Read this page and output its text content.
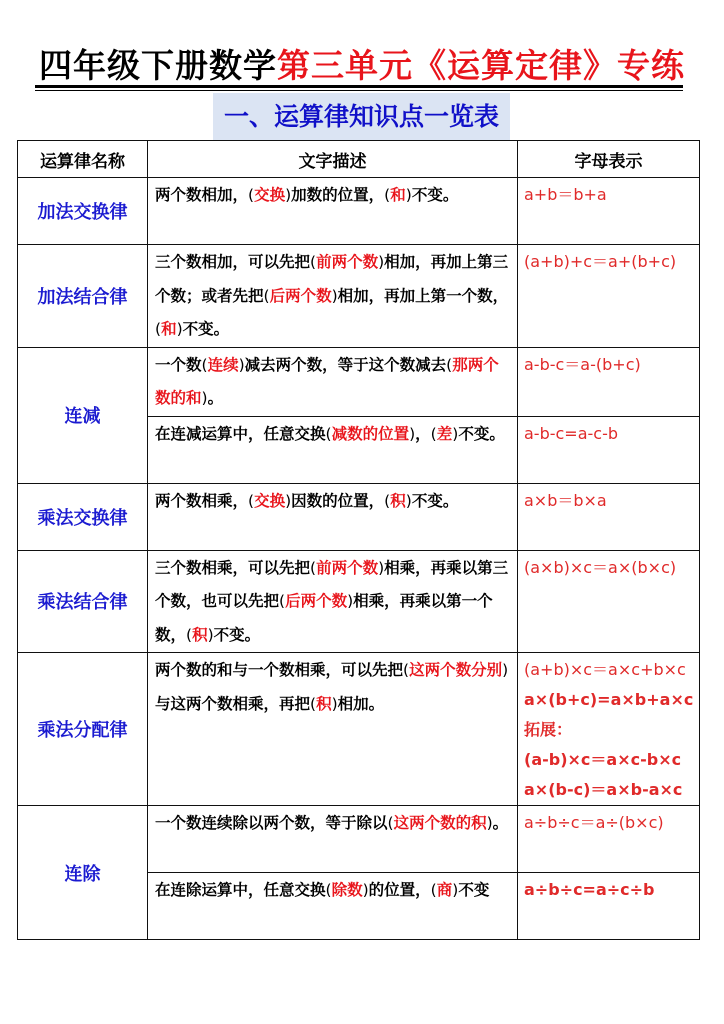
四年级下册数学第三单元《运算定律》专练
一、运算律知识点一览表
运算律名称	文字描述	字母表示
加法交换律	两个数相加，(交换)加数的位置，(和)不变。	a+b＝b+a

加法结合律	三个数相加，可以先把(前两个数)相加，再加上第三个数；或者先把(后两个数)相加，再加上第一个数，(和)不变。	(a+b)+c＝a+(b+c)

连减	一个数(连续)减去两个数，等于这个数减去(那两个数的和)。	a-b-c＝a-(b+c)

	在连减运算中，任意交换(减数的位置)，(差)不变。	a-b-c=a-c-b

乘法交换律	两个数相乘，(交换)因数的位置，(积)不变。	a×b＝b×a

乘法结合律	三个数相乘，可以先把(前两个数)相乘，再乘以第三个数，也可以先把(后两个数)相乘，再乘以第一个数，(积)不变。	(a×b)×c＝a×(b×c)

乘法分配律	两个数的和与一个数相乘，可以先把(这两个数分别)与这两个数相乘，再把(积)相加。	(a+b)×c＝a×c+b×c
a×(b+c)=a×b+a×c
拓展：
(a-b)×c＝a×c-b×c
a×(b-c)＝a×b-a×c

连除	一个数连续除以两个数，等于除以(这两个数的积)。	a÷b÷c＝a÷(b×c)

	在连除运算中，任意交换(除数)的位置，(商)不变	a÷b÷c=a÷c÷b
